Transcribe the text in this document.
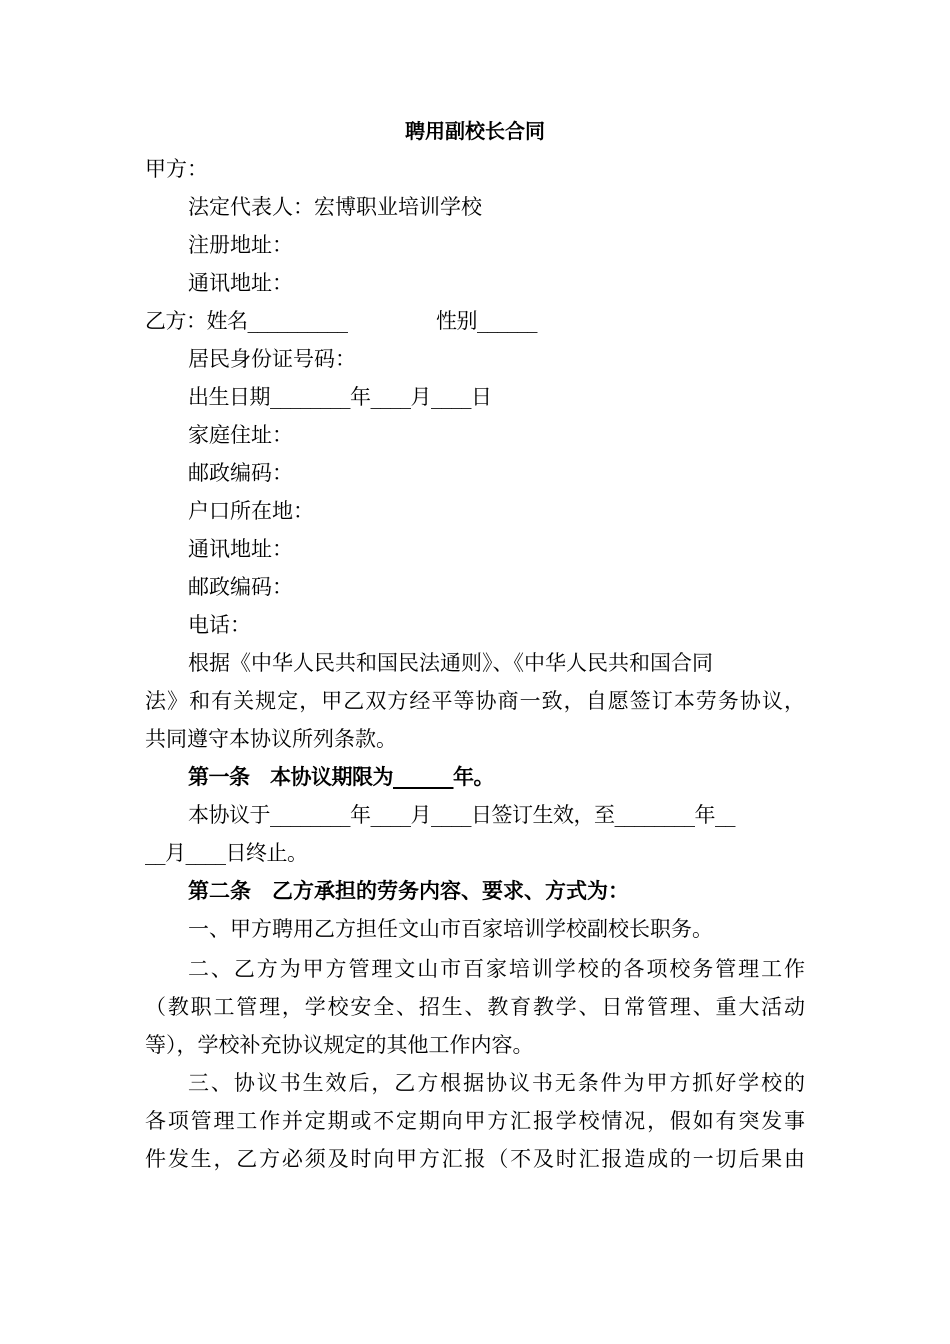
聘用副校长合同
甲方：
法定代表人：宏博职业培训学校
注册地址：
通讯地址：
乙方：姓名__________	性别______
居民身份证号码：
出生日期________年____月____日
家庭住址：
邮政编码：
户口所在地：
通讯地址：
邮政编码：
电话：
根据《中华人民共和国民法通则》、《中华人民共和国合同
法》和有关规定，甲乙双方经平等协商一致，自愿签订本劳务协议，
共同遵守本协议所列条款。
第一条　本协议期限为______年。
本协议于________年____月____日签订生效，至________年__
__月____日终止。
第二条　乙方承担的劳务内容、要求、方式为：
一、甲方聘用乙方担任文山市百家培训学校副校长职务。
二、乙方为甲方管理文山市百家培训学校的各项校务管理工作
（教职工管理，学校安全、招生、教育教学、日常管理、重大活动
等），学校补充协议规定的其他工作内容。
三、协议书生效后，乙方根据协议书无条件为甲方抓好学校的
各项管理工作并定期或不定期向甲方汇报学校情况，假如有突发事
件发生，乙方必须及时向甲方汇报（不及时汇报造成的一切后果由
